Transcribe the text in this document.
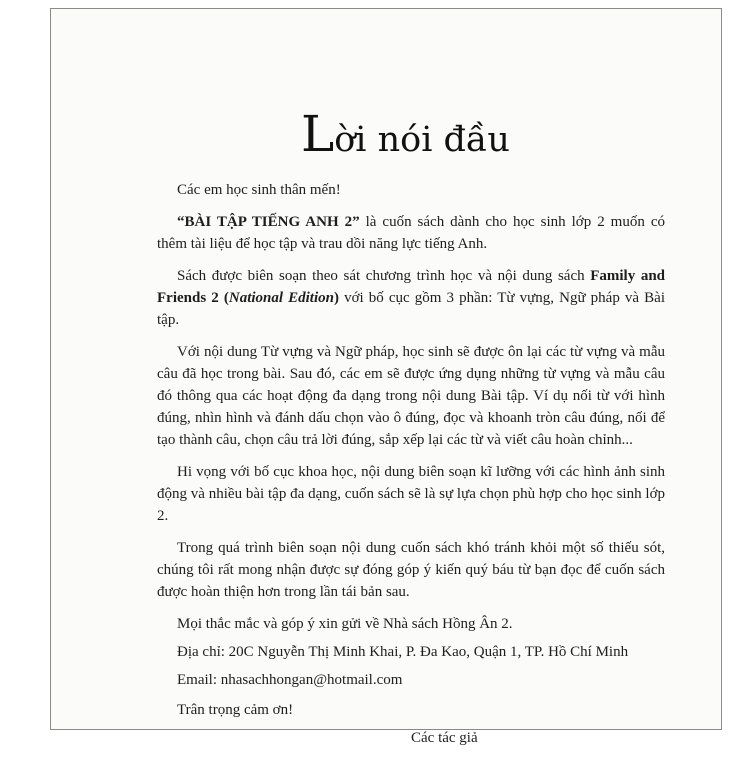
Lời nói đầu

Các em học sinh thân mến!

“BÀI TẬP TIẾNG ANH 2” là cuốn sách dành cho học sinh lớp 2 muốn có thêm tài liệu để học tập và trau dồi năng lực tiếng Anh.

Sách được biên soạn theo sát chương trình học và nội dung sách Family and Friends 2 (National Edition) với bố cục gồm 3 phần: Từ vựng, Ngữ pháp và Bài tập.

Với nội dung Từ vựng và Ngữ pháp, học sinh sẽ được ôn lại các từ vựng và mẫu câu đã học trong bài. Sau đó, các em sẽ được ứng dụng những từ vựng và mẫu câu đó thông qua các hoạt động đa dạng trong nội dung Bài tập. Ví dụ nối từ với hình đúng, nhìn hình và đánh dấu chọn vào ô đúng, đọc và khoanh tròn câu đúng, nối để tạo thành câu, chọn câu trả lời đúng, sắp xếp lại các từ và viết câu hoàn chỉnh...

Hi vọng với bố cục khoa học, nội dung biên soạn kĩ lưỡng với các hình ảnh sinh động và nhiều bài tập đa dạng, cuốn sách sẽ là sự lựa chọn phù hợp cho học sinh lớp 2.

Trong quá trình biên soạn nội dung cuốn sách khó tránh khỏi một số thiếu sót, chúng tôi rất mong nhận được sự đóng góp ý kiến quý báu từ bạn đọc để cuốn sách được hoàn thiện hơn trong lần tái bản sau.

Mọi thắc mắc và góp ý xin gửi về Nhà sách Hồng Ân 2.

Địa chỉ: 20C Nguyễn Thị Minh Khai, P. Đa Kao, Quận 1, TP. Hồ Chí Minh

Email: nhasachhongan@hotmail.com

Trân trọng cảm ơn!

Các tác giả
